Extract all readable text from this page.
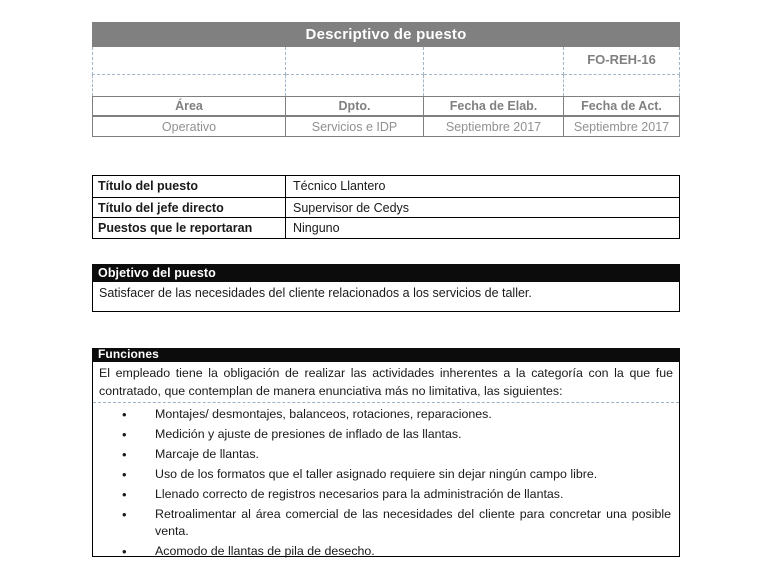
Descriptivo de puesto
FO-REH-16
Área	Dpto.	Fecha de Elab.	Fecha de Act.
Operativo	Servicios e IDP	Septiembre 2017	Septiembre 2017
Título del puesto	Técnico Llantero
Título del jefe directo	Supervisor de Cedys
Puestos que le reportaran	Ninguno
Objetivo del puesto
Satisfacer de las necesidades del cliente relacionados a los servicios de taller.
Funciones

El empleado tiene la obligación de realizar las actividades inherentes a la categoría con la que fue contratado, que contemplan de manera enunciativa más no limitativa, las siguientes:

• Montajes/ desmontajes, balanceos, rotaciones, reparaciones.
• Medición y ajuste de presiones de inflado de las llantas.
• Marcaje de llantas.
• Uso de los formatos que el taller asignado requiere sin dejar ningún campo libre.
• Llenado correcto de registros necesarios para la administración de llantas.
• Retroalimentar al área comercial de las necesidades del cliente para concretar una posible venta.
• Acomodo de llantas de pila de desecho.
